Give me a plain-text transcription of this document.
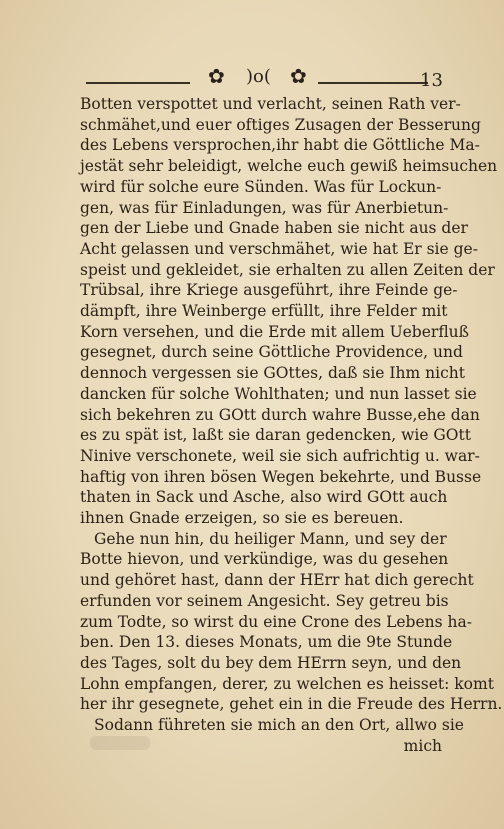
✿ )o( ✿	13
Botten verspottet und verlacht, seinen Rath ver-
schmähet,und euer oftiges Zusagen der Besserung
des Lebens versprochen,ihr habt die Göttliche Ma-
jestät sehr beleidigt, welche euch gewiß heimsuchen
wird für solche eure Sünden. Was für Lockun-
gen, was für Einladungen, was für Anerbietun-
gen der Liebe und Gnade haben sie nicht aus der
Acht gelassen und verschmähet, wie hat Er sie ge-
speist und gekleidet, sie erhalten zu allen Zeiten der
Trübsal, ihre Kriege ausgeführt, ihre Feinde ge-
dämpft, ihre Weinberge erfüllt, ihre Felder mit
Korn versehen, und die Erde mit allem Ueberfluß
gesegnet, durch seine Göttliche Providence, und
dennoch vergessen sie GOttes, daß sie Ihm nicht
dancken für solche Wohlthaten; und nun lasset sie
sich bekehren zu GOtt durch wahre Busse,ehe dan
es zu spät ist, laßt sie daran gedencken, wie GOtt
Ninive verschonete, weil sie sich aufrichtig u. war-
haftig von ihren bösen Wegen bekehrte, und Busse
thaten in Sack und Asche, also wird GOtt auch
ihnen Gnade erzeigen, so sie es bereuen.
Gehe nun hin, du heiliger Mann, und sey der
Botte hievon, und verkündige, was du gesehen
und gehöret hast, dann der HErr hat dich gerecht
erfunden vor seinem Angesicht. Sey getreu bis
zum Todte, so wirst du eine Crone des Lebens ha-
ben. Den 13. dieses Monats, um die 9te Stunde
des Tages, solt du bey dem HErrn seyn, und den
Lohn empfangen, derer, zu welchen es heisset: komt
her ihr gesegnete, gehet ein in die Freude des Herrn.
Sodann führeten sie mich an den Ort, allwo sie
mich
